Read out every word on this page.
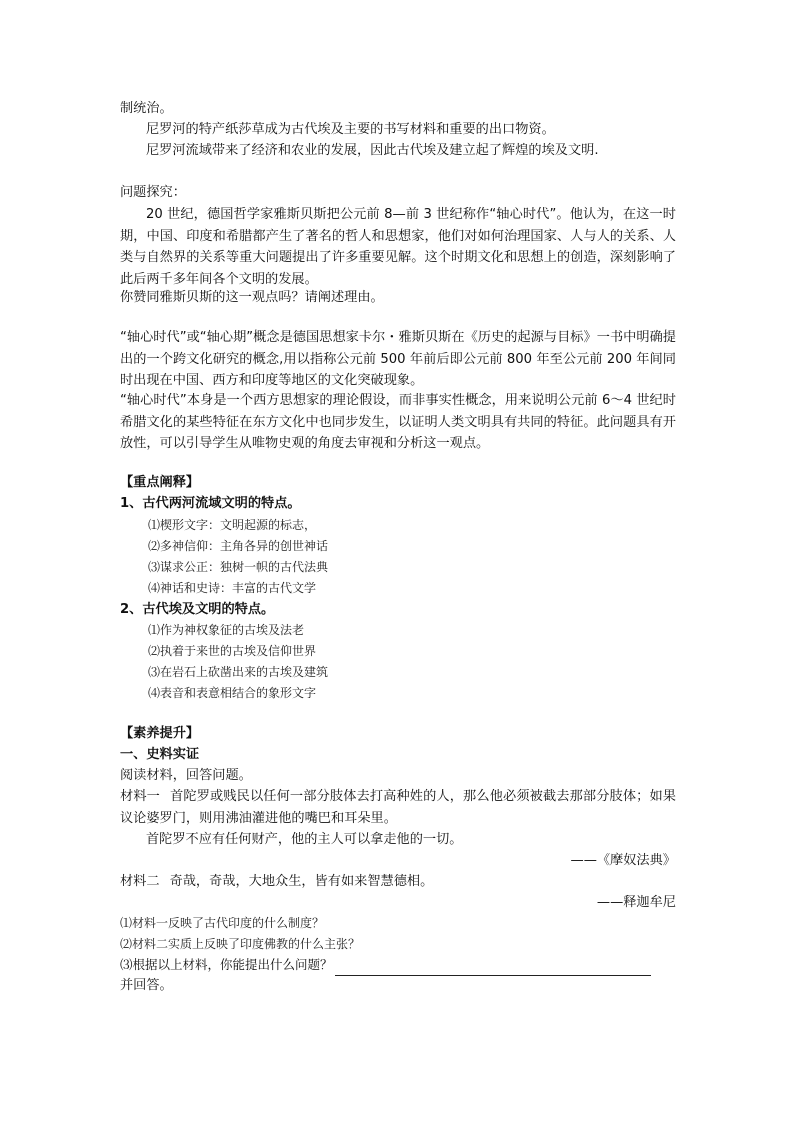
制统治。
尼罗河的特产纸莎草成为古代埃及主要的书写材料和重要的出口物资。
尼罗河流域带来了经济和农业的发展，因此古代埃及建立起了辉煌的埃及文明.
问题探究：
20 世纪，德国哲学家雅斯贝斯把公元前 8—前 3 世纪称作“轴心时代”。他认为，在这一时期，中国、印度和希腊都产生了著名的哲人和思想家，他们对如何治理国家、人与人的关系、人类与自然界的关系等重大问题提出了许多重要见解。这个时期文化和思想上的创造，深刻影响了此后两千多年间各个文明的发展。
你赞同雅斯贝斯的这一观点吗？请阐述理由。
“轴心时代”或“轴心期”概念是德国思想家卡尔・雅斯贝斯在《历史的起源与目标》一书中明确提出的一个跨文化研究的概念,用以指称公元前 500 年前后即公元前 800 年至公元前 200 年间同时出现在中国、西方和印度等地区的文化突破现象。
“轴心时代”本身是一个西方思想家的理论假设，而非事实性概念，用来说明公元前 6～4 世纪时希腊文化的某些特征在东方文化中也同步发生，以证明人类文明具有共同的特征。此问题具有开放性，可以引导学生从唯物史观的角度去审视和分析这一观点。
【重点阐释】
1、古代两河流域文明的特点。
⑴楔形文字：文明起源的标志，
⑵多神信仰：主角各异的创世神话
⑶谋求公正：独树一帜的古代法典
⑷神话和史诗：丰富的古代文学
2、古代埃及文明的特点。
⑴作为神权象征的古埃及法老
⑵执着于来世的古埃及信仰世界
⑶在岩石上砍凿出来的古埃及建筑
⑷表音和表意相结合的象形文字
【素养提升】
一、史料实证
阅读材料，回答问题。
材料一 首陀罗或贱民以任何一部分肢体去打高种姓的人，那么他必须被截去那部分肢体；如果议论婆罗门，则用沸油灌进他的嘴巴和耳朵里。
首陀罗不应有任何财产，他的主人可以拿走他的一切。
——《摩奴法典》
材料二 奇哉，奇哉，大地众生，皆有如来智慧德相。
——释迦牟尼
⑴材料一反映了古代印度的什么制度？
⑵材料二实质上反映了印度佛教的什么主张？
⑶根据以上材料，你能提出什么问题？
并回答。
